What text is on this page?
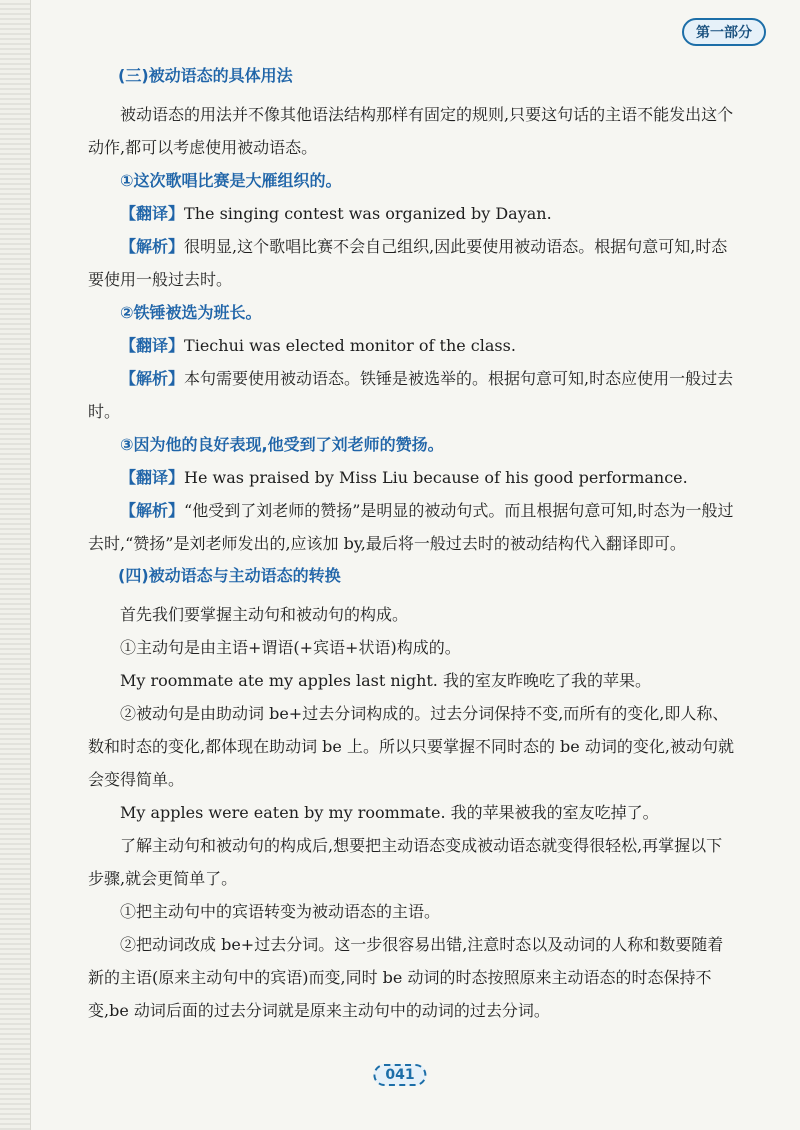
第一部分
(三)被动语态的具体用法

被动语态的用法并不像其他语法结构那样有固定的规则,只要这句话的主语不能发出这个动作,都可以考虑使用被动语态。

①这次歌唱比赛是大雁组织的。

【 翻译 】 The singing contest was organized by Dayan.

【 解析 】 很明显,这个歌唱比赛不会自己组织,因此要使用被动语态。根据句意可知,时态要使用一般过去时。

②铁锤被选为班长。

【 翻译 】 Tiechui was elected monitor of the class.

【 解析 】 本句需要使用被动语态。铁锤是被选举的。根据句意可知,时态应使用一般过去时。

③因为他的良好表现,他受到了刘老师的赞扬。

【 翻译 】 He was praised by Miss Liu because of his good performance.

【 解析 】 “他受到了刘老师的赞扬”是明显的被动句式。而且根据句意可知,时态为一般过去时,“赞扬”是刘老师发出的,应该加 by,最后将一般过去时的被动结构代入翻译即可。

(四)被动语态与主动语态的转换

首先我们要掌握主动句和被动句的构成。

①主动句是由主语+谓语(+宾语+状语)构成的。

My roommate ate my apples last night. 我的室友昨晚吃了我的苹果。

②被动句是由助动词 be+过去分词构成的。过去分词保持不变,而所有的变化,即人称、数和时态的变化,都体现在助动词 be 上。所以只要掌握不同时态的 be 动词的变化,被动句就会变得简单。

My apples were eaten by my roommate. 我的苹果被我的室友吃掉了。

了解主动句和被动句的构成后,想要把主动语态变成被动语态就变得很轻松,再掌握以下步骤,就会更简单了。

①把主动句中的宾语转变为被动语态的主语。

②把动词改成 be+过去分词。这一步很容易出错,注意时态以及动词的人称和数要随着新的主语(原来主动句中的宾语)而变,同时 be 动词的时态按照原来主动语态的时态保持不变,be 动词后面的过去分词就是原来主动句中的动词的过去分词。

041
